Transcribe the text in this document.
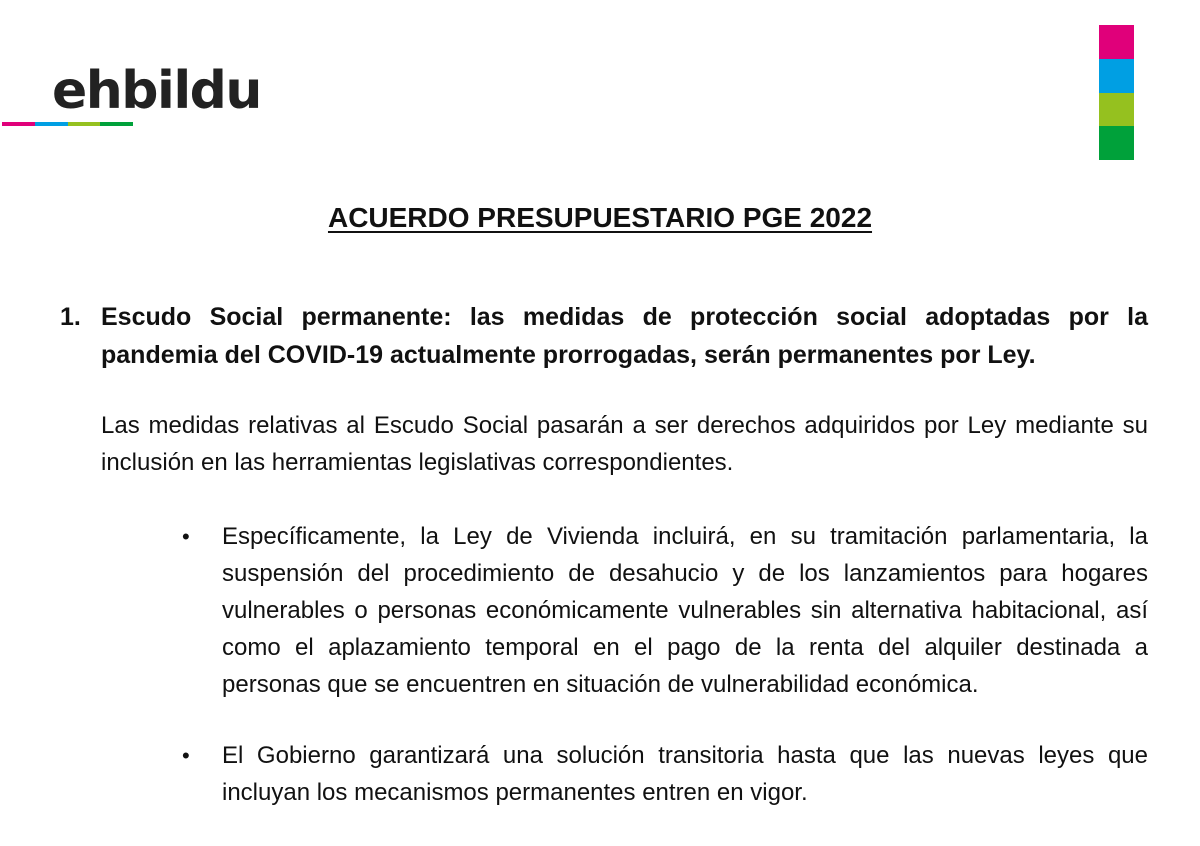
ehbildu
ACUERDO PRESUPUESTARIO PGE 2022
1. Escudo Social permanente: las medidas de protección social adoptadas por la pandemia del COVID-19 actualmente prorrogadas, serán permanentes por Ley.
Las medidas relativas al Escudo Social pasarán a ser derechos adquiridos por Ley mediante su inclusión en las herramientas legislativas correspondientes.
• Específicamente, la Ley de Vivienda incluirá, en su tramitación parlamentaria, la suspensión del procedimiento de desahucio y de los lanzamientos para hogares vulnerables o personas económicamente vulnerables sin alternativa habitacional, así como el aplazamiento temporal en el pago de la renta del alquiler destinada a personas que se encuentren en situación de vulnerabilidad económica.
• El Gobierno garantizará una solución transitoria hasta que las nuevas leyes que incluyan los mecanismos permanentes entren en vigor.
